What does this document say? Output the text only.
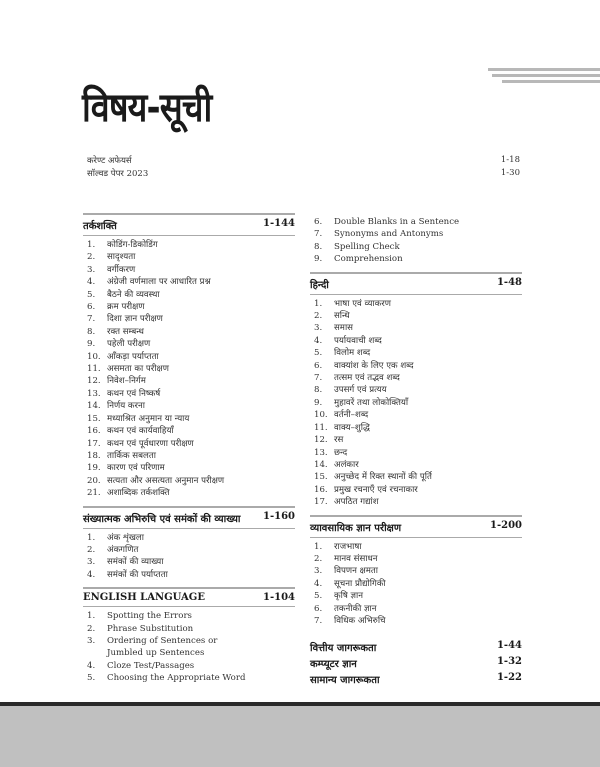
विषय-सूची
करेण्ट अफेयर्स	1-18
सॉल्वड पेपर 2023	1-30
तर्कशक्ति	1-144
1.	कोडिंग-डिकोडिंग
2.	सादृश्यता
3.	वर्गीकरण
4.	अंग्रेजी वर्णमाला पर आधारित प्रश्न
5.	बैठने की व्यवस्था
6.	क्रम परीक्षण
7.	दिशा ज्ञान परीक्षण
8.	रक्त सम्बन्ध
9.	पहेली परीक्षण
10. आँकड़ा पर्याप्तता
11. असमता का परीक्षण
12. निवेश–निर्गम
13. कथन एवं निष्कर्ष
14. निर्णय करना
15. मध्याश्रित अनुमान या न्याय
16. कथन एवं कार्यवाहियाँ
17. कथन एवं पूर्वधारणा परीक्षण
18. तार्किक सबलता
19. कारण एवं परिणाम
20. सत्यता और असत्यता अनुमान परीक्षण
21. अशाब्दिक तर्कशक्ति
संख्यात्मक अभिरुचि एवं समंकों की व्याख्या 1-160
1.	अंक शृंखला
2.	अंकगणित
3.	समंकों की व्याख्या
4.	समंकों की पर्याप्तता
ENGLISH LANGUAGE	1-104
1.	Spotting the Errors
2.	Phrase Substitution
3.	Ordering of Sentences or
Jumbled up Sentences
4.	Cloze Test/Passages
5.	Choosing the Appropriate Word
6.	Double Blanks in a Sentence
7.	Synonyms and Antonyms
8.	Spelling Check
9.	Comprehension
हिन्दी	1-48
1.	भाषा एवं व्याकरण
2.	सन्धि
3.	समास
4.	पर्यायवाची शब्द
5.	विलोम शब्द
6.	वाक्यांश के लिए एक शब्द
7.	तत्सम एवं तद्भव शब्द
8.	उपसर्ग एवं प्रत्यय
9.	मुहावरें तथा लोकोक्तियाँ
10. वर्तनी–शब्द
11. वाक्य–शुद्धि
12. रस
13. छन्द
14. अलंकार
15. अनुच्छेद में रिक्त स्थानों की पूर्ति
16. प्रमुख रचनाएँ एवं रचनाकार
17. अपठित गद्यांश
व्यावसायिक ज्ञान परीक्षण	1-200
1.	राजभाषा
2.	मानव संसाधन
3.	विपणन क्षमता
4.	सूचना प्रौद्योगिकी
5.	कृषि ज्ञान
6.	तकनीकी ज्ञान
7.	विधिक अभिरुचि
वित्तीय जागरूकता	1-44
कम्प्यूटर ज्ञान	1-32
सामान्य जागरूकता	1-22
